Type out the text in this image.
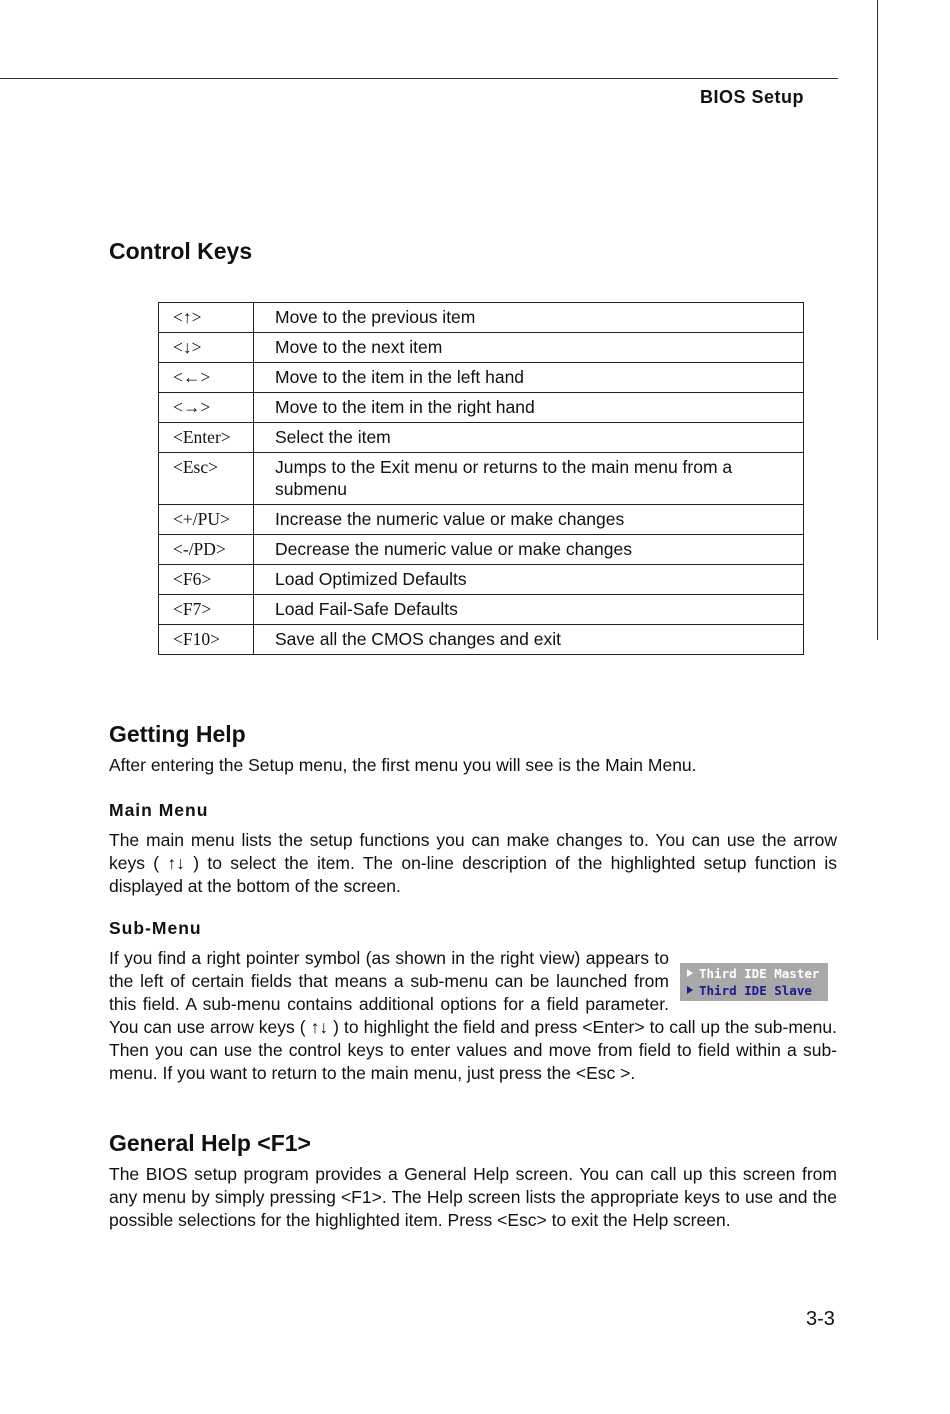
BIOS Setup
Control Keys
<↑>	Move to the previous item
<↓>	Move to the next item
<←>	Move to the item in the left hand
<→>	Move to the item in the right hand
<Enter>	Select the item
<Esc>	Jumps to the Exit menu or returns to the main menu from a submenu
<+/PU>	Increase the numeric value or make changes
<-/PD>	Decrease the numeric value or make changes
<F6>	Load Optimized Defaults
<F7>	Load Fail-Safe Defaults
<F10>	Save all the CMOS changes and exit
Getting Help

After entering the Setup menu, the first menu you will see is the Main Menu.

Main Menu

The main menu lists the setup functions you can make changes to. You can use the arrow keys ( ↑↓ ) to select the item. The on-line description of the highlighted setup function is displayed at the bottom of the screen.

Sub-Menu
Third IDE Master
Third IDE Slave

If you find a right pointer symbol (as shown in the right view) appears to the left of certain fields that means a sub-menu can be launched from this field. A sub-menu contains additional options for a field parameter. You can use arrow keys ( ↑↓ ) to highlight the field and press <Enter> to call up the sub-menu. Then you can use the control keys to enter values and move from field to field within a sub-menu. If you want to return to the main menu, just press the <Esc >.

General Help <F1>

The BIOS setup program provides a General Help screen. You can call up this screen from any menu by simply pressing <F1>. The Help screen lists the appropriate keys to use and the possible selections for the highlighted item. Press <Esc> to exit the Help screen.

3-3
